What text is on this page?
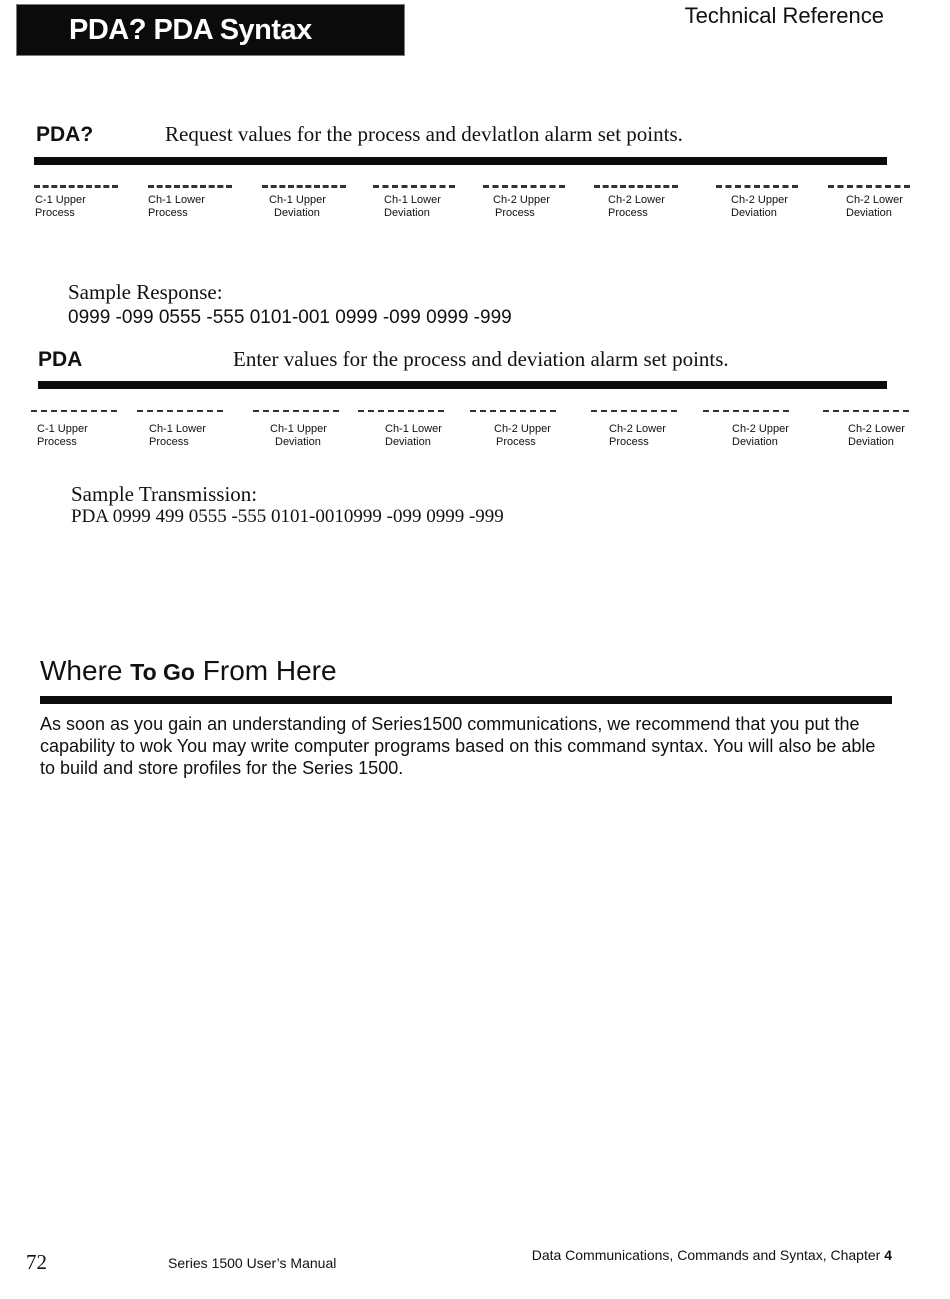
PDA? PDA Syntax	Technical Reference
PDA?	Request values for the process and devlatlon alarm set points.
C-1 Upper
Process
Ch-1 Lower
Process
Ch-1 Upper
Deviation
Ch-1 Lower
Deviation
Ch-2 Upper
Process
Ch-2 Lower
Process
Ch-2 Upper
Deviation
Ch-2 Lower
Deviation
Sample Response:
0999 -099 0555 -555 0101-001 0999 -099 0999 -999
PDA	Enter values for the process and deviation alarm set points.
C-1 Upper
Process
Ch-1 Lower
Process
Ch-1 Upper
Deviation
Ch-1 Lower
Deviation
Ch-2 Upper
Process
Ch-2 Lower
Process
Ch-2 Upper
Deviation
Ch-2 Lower
Deviation
Sample Transmission:
PDA 0999 499 0555 -555 0101-0010999 -099 0999 -999
Where To Go From Here
As soon as you gain an understanding of Series1500 communications, we recommend that you put the
capability to wok You may write computer programs based on this command syntax. You will also be able
to build and store profiles for the Series 1500.
72	Series 1500 User’s Manual	Data Communications, Commands and Syntax, Chapter 4
